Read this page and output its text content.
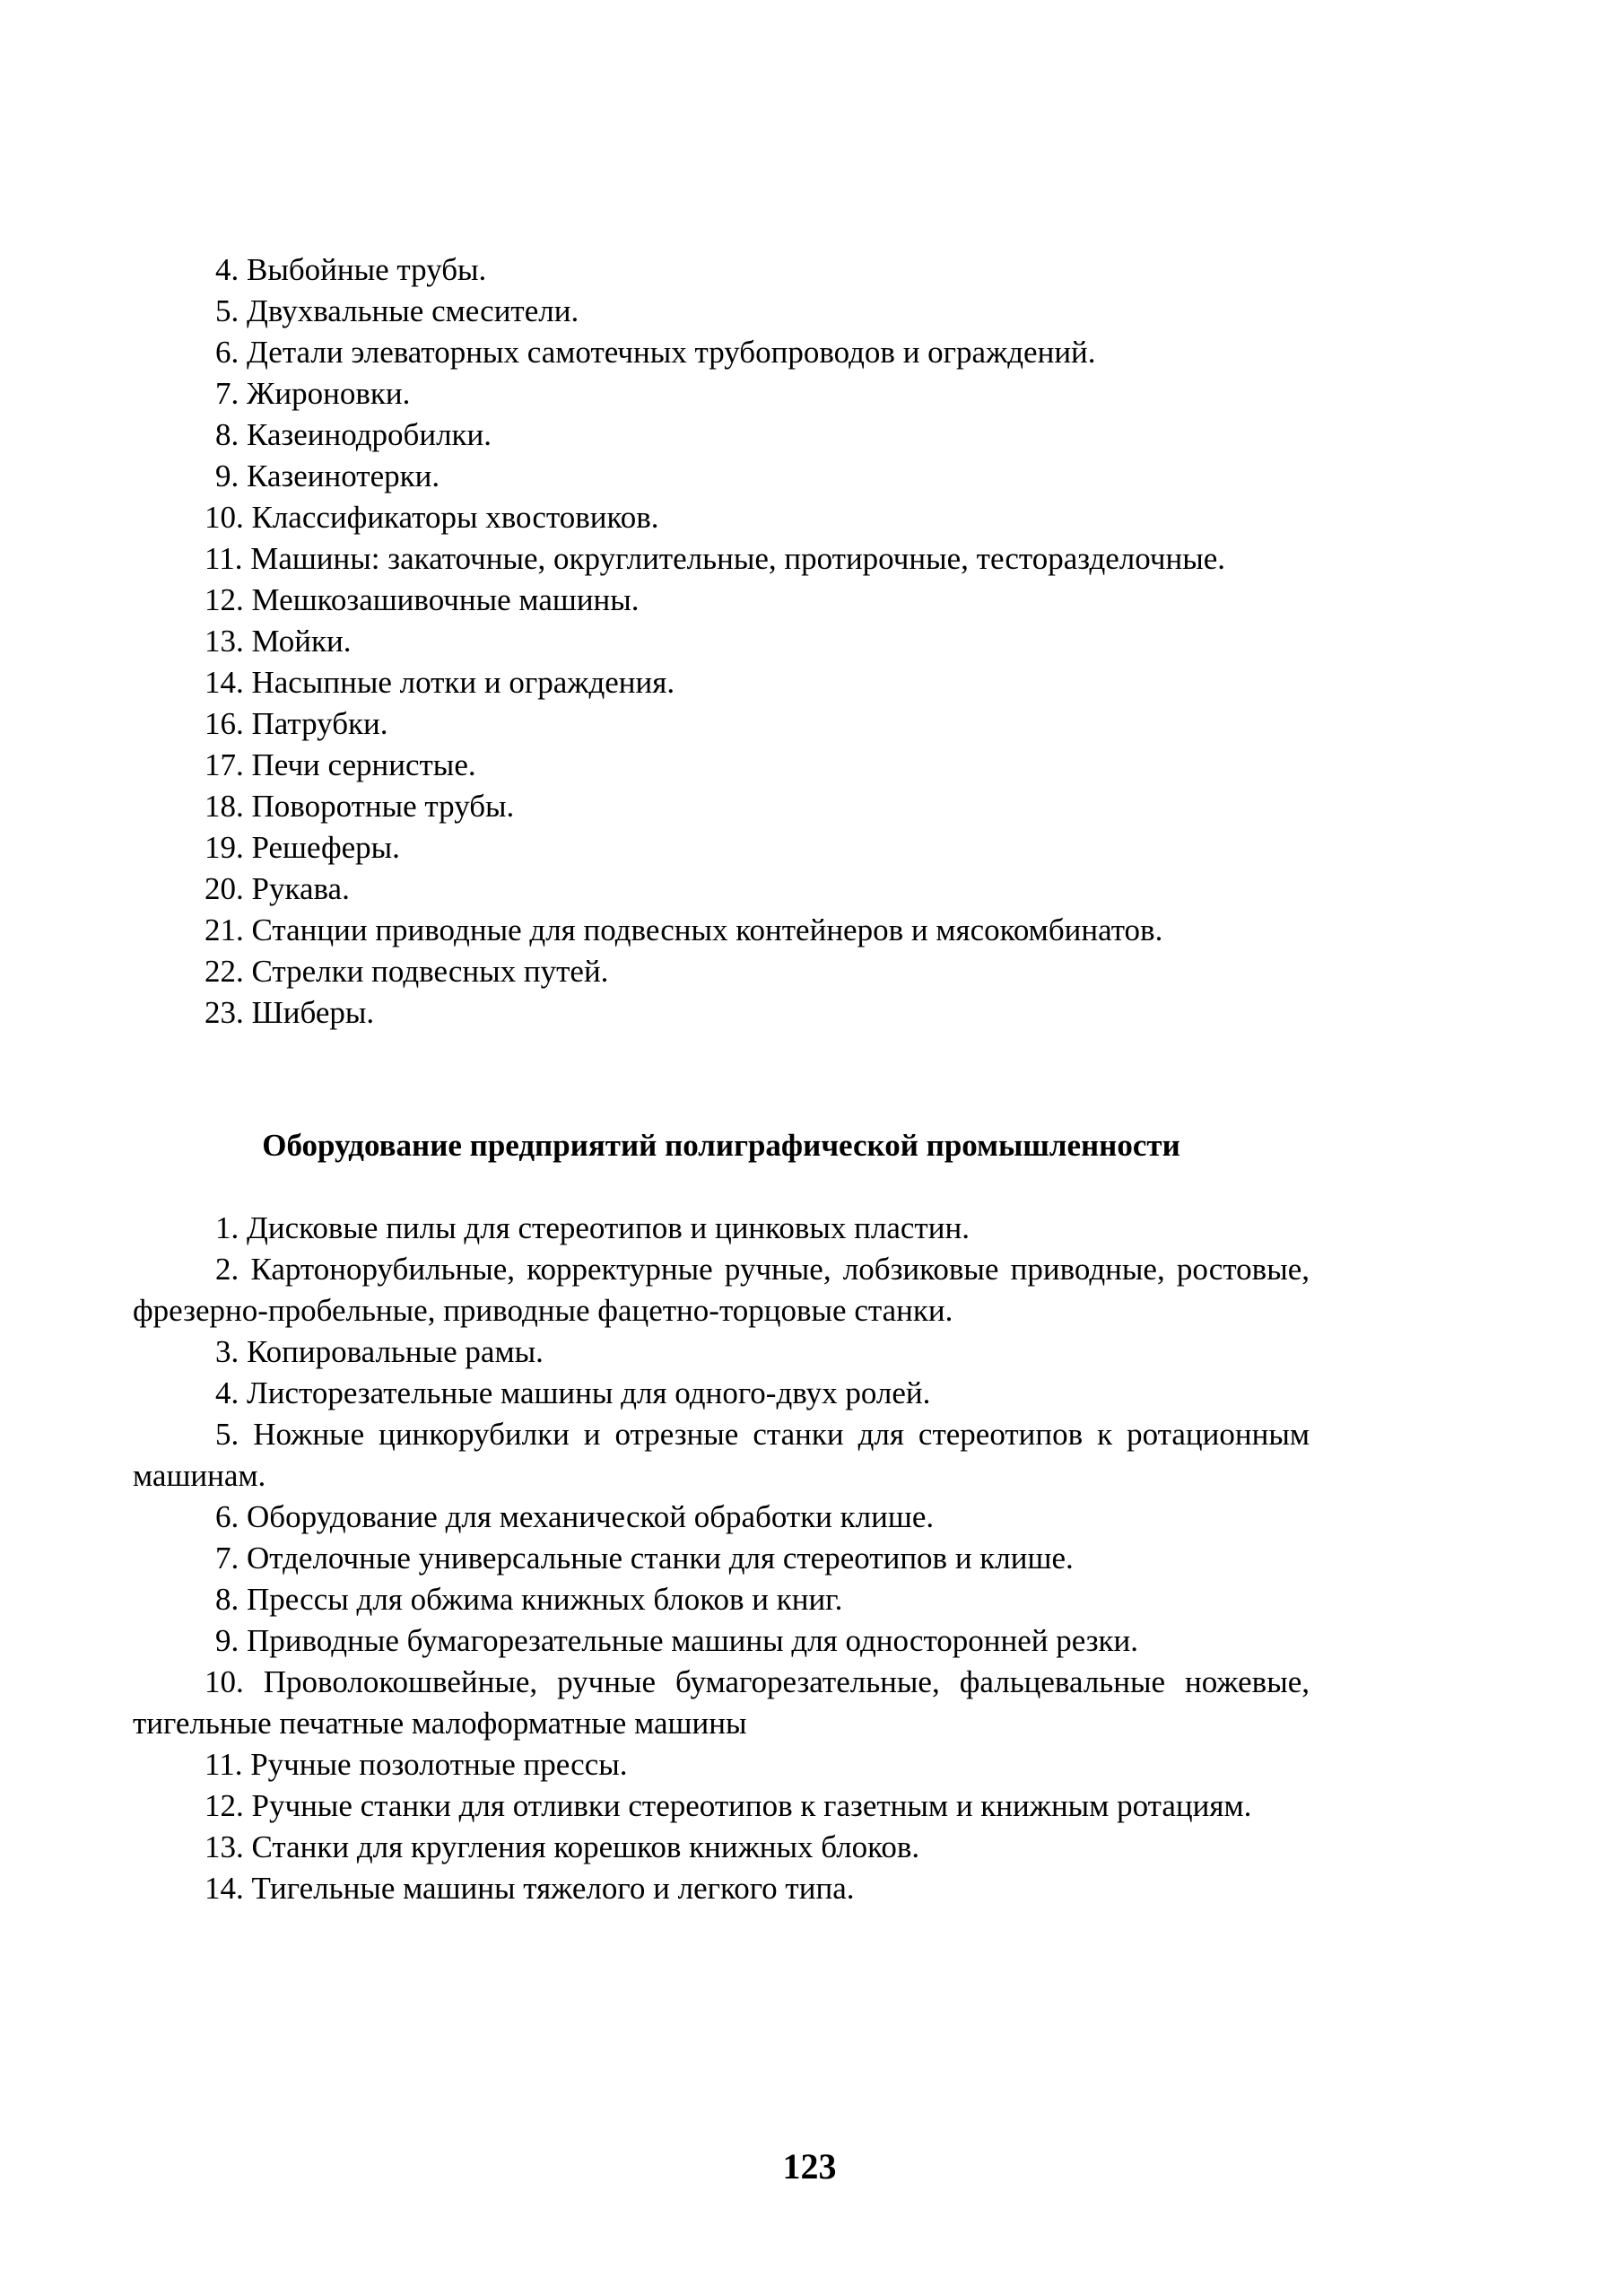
4. Выбойные трубы.

5. Двухвальные смесители.

6. Детали элеваторных самотечных трубопроводов и ограждений.

7. Жироновки.

8. Казеинодробилки.

9. Казеинотерки.

10. Классификаторы хвостовиков.

11. Машины: закаточные, округлительные, протирочные, тесторазделочные.

12. Мешкозашивочные машины.

13. Мойки.

14. Насыпные лотки и ограждения.

16. Патрубки.

17. Печи сернистые.

18. Поворотные трубы.

19. Решеферы.

20. Рукава.

21. Станции приводные для подвесных контейнеров и мясокомбинатов.

22. Стрелки подвесных путей.

23. Шиберы.

Оборудование предприятий полиграфической промышленности

1. Дисковые пилы для стереотипов и цинковых пластин.

2. Картонорубильные, корректурные ручные, лобзиковые приводные, ростовые, фрезерно-пробельные, приводные фацетно-торцовые станки.

3. Копировальные рамы.

4. Листорезательные машины для одного-двух ролей.

5. Ножные цинкорубилки и отрезные станки для стереотипов к ротационным машинам.

6. Оборудование для механической обработки клише.

7. Отделочные универсальные станки для стереотипов и клише.

8. Прессы для обжима книжных блоков и книг.

9. Приводные бумагорезательные машины для односторонней резки.

10. Проволокошвейные, ручные бумагорезательные, фальцевальные ножевые, тигельные печатные малоформатные машины

11. Ручные позолотные прессы.

12. Ручные станки для отливки стереотипов к газетным и книжным ротациям.

13. Станки для кругления корешков книжных блоков.

14. Тигельные машины тяжелого и легкого типа.

123
